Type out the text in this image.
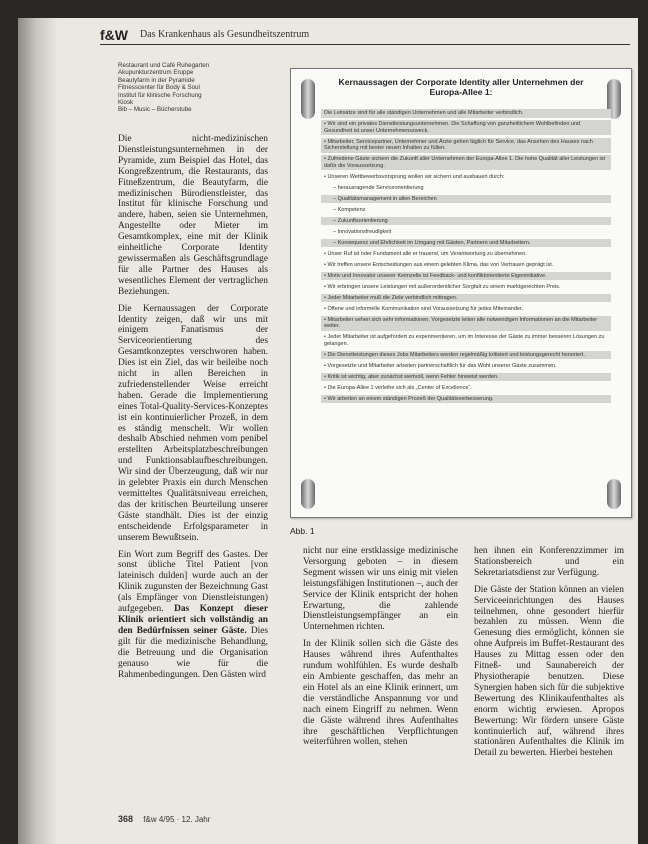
f&W Das Krankenhaus als Gesundheitszentrum
Restaurant und Café Ruhegarten
Akupunkturzentrum Eruppe
Beautyfarm in der Pyramide
Fitnesscenter für Body & Soul
Institut für klinische Forschung
Kiosk
Bib – Music – Bücherstube

Die nicht-medizinischen Dienstleistungsunternehmen in der Pyramide, zum Beispiel das Hotel, das Kongreßzentrum, die Restaurants, das Fitneßzentrum, die Beautyfarm, die medizinischen Bürodienstleister, das Institut für klinische Forschung und andere, haben, seien sie Unternehmen, Angestellte oder Mieter im Gesamtkomplex, eine mit der Klinik einheitliche Corporate Identity gewissermaßen als Geschäftsgrundlage für alle Partner des Hauses als wesentliches Element der vertraglichen Beziehungen.

Die Kernaussagen der Corporate Identity zeigen, daß wir uns mit einigem Fanatismus der Serviceorientierung des Gesamtkonzeptes verschworen haben. Dies ist ein Ziel, das wir beileibe noch nicht in allen Bereichen in zufriedenstellender Weise erreicht haben. Gerade die Implementierung eines Total-Quality-Services-Konzeptes ist ein kontinuierlicher Prozeß, in dem es ständig menschelt. Wir wollen deshalb Abschied nehmen vom penibel erstellten Arbeitsplatzbeschreibungen und Funktionsablaufbeschreibungen. Wir sind der Überzeugung, daß wir nur in gelebter Praxis ein durch Menschen vermitteltes Qualitätsniveau erreichen, das der kritischen Beurteilung unserer Gäste standhält. Dies ist der einzig entscheidende Erfolgsparameter in unserem Bewußtsein.

Ein Wort zum Begriff des Gastes. Der sonst übliche Titel Patient [von lateinisch dulden] wurde auch an der Klinik zugunsten der Bezeichnung Gast (als Empfänger von Dienstleistungen) aufgegeben. Das Konzept dieser Klinik orientiert sich vollständig an den Bedürfnissen seiner Gäste. Dies gilt für die medizinische Behandlung, die Betreuung und die Organisation genauso wie für die Rahmenbedingungen. Den Gästen wird

Kernaussagen der Corporate Identity aller Unternehmen der Europa-Allee 1:
Die Leitsätze sind für alle ständigen Unternehmen und alle Mitarbeiter verbindlich.
• Wir sind ein privates Dienstleistungsunternehmen. Die Schaffung von ganzheitlichem Wohlbefinden und Gesundheit ist unser Unternehmenszweck.
• Mitarbeiter, Servicepartner, Unternehmer und Ärzte gehen täglich für Service, das Ansehen des Hauses nach Sicherstellung mit bester neuen Inhalten zu füllen.
• Zufriedene Gäste sichern die Zukunft aller Unternehmen der Europa-Allee 1. Die hohe Qualität aller Leistungen ist dafür die Voraussetzung.
• Unseren Wettbewerbsvorsprung wollen wir sichern und ausbauen durch:
– herausragende Serviceorientierung
– Qualitätsmanagement in allen Bereichen
– Kompetenz
– Zukunftsorientierung
– Innovationsfreudigkeit
– Konsequenz und Ehrlichkeit im Umgang mit Gästen, Partnern und Mitarbeitern.
• Unser Ruf ist oder Fundament alle er trauend, um Verantwortung zu übernehmen.
• Wir treffen unsere Entscheidungen aus einem gelebten Klima, das von Vertrauen geprägt ist.
• Motiv und Innovator unserer Keimzelle ist Feedback- und konfliktorientierte Eigeninitiative.
• Wir erbringen unsere Leistungen mit außerordentlicher Sorgfalt zu einem marktgerechten Preis.
• Jeder Mitarbeiter muß die Ziele verbindlich mittragen.
• Offene und informelle Kommunikation sind Voraussetzung für jedes Miteinander.
• Mitarbeiter sehen sich sehr informationen. Vorgesetzte leiten alle notwendigen Informationen an die Mitarbeiter weiter.
• Jeder Mitarbeiter ist aufgefordert zu experimentieren, um im Interesse der Gäste zu immer besseren Lösungen zu gelangen.
• Die Dienstleistungen dieses Jobs Mitarbeiters werden regelmäßig kritisiert und leistungsgerecht honoriert.
• Vorgesetzte und Mitarbeiter arbeiten partnerschaftlich für das Wohl unserer Gäste zusammen.
• Kritik ist wichtig, aber zunächst wertvoll, wenn Fehler hinweist werden.
• Die Europa-Allee 1 verleihe sich als „Center of Excellence“.
• Wir arbeiten an einem ständigen Prozeß der Qualitätsverbesserung.
Abb. 1

nicht nur eine erstklassige medizinische Versorgung geboten – in diesem Segment wissen wir uns einig mit vielen leistungsfähigen Institutionen –, auch der Service der Klinik entspricht der hohen Erwartung, die zahlende Dienstleistungsempfänger an ein Unternehmen richten.

In der Klinik sollen sich die Gäste des Hauses während ihres Aufenthaltes rundum wohlfühlen. Es wurde deshalb ein Ambiente geschaffen, das mehr an ein Hotel als an eine Klinik erinnert, um die verständliche Anspannung vor und nach einem Eingriff zu nehmen. Wenn die Gäste während ihres Aufenthaltes ihre geschäftlichen Verpflichtungen weiterführen wollen, stehen

hen ihnen ein Konferenzzimmer im Stationsbereich und ein Sekretariatsdienst zur Verfügung.

Die Gäste der Station können an vielen Serviceeinrichtungen des Hauses teilnehmen, ohne gesondert hierfür bezahlen zu müssen. Wenn die Genesung dies ermöglicht, können sie ohne Aufpreis im Buffet-Restaurant des Hauses zu Mittag essen oder den Fitneß- und Saunabereich der Physiotherapie benutzen. Diese Synergien haben sich für die subjektive Bewertung des Klinikaufenthaltes als enorm wichtig erwiesen. Apropos Bewertung: Wir fördern unsere Gäste kontinuierlich auf, während ihres stationären Aufenthaltes die Klinik im Detail zu bewerten. Hierbei bestehen

368 f&w 4/95 · 12. Jahr
